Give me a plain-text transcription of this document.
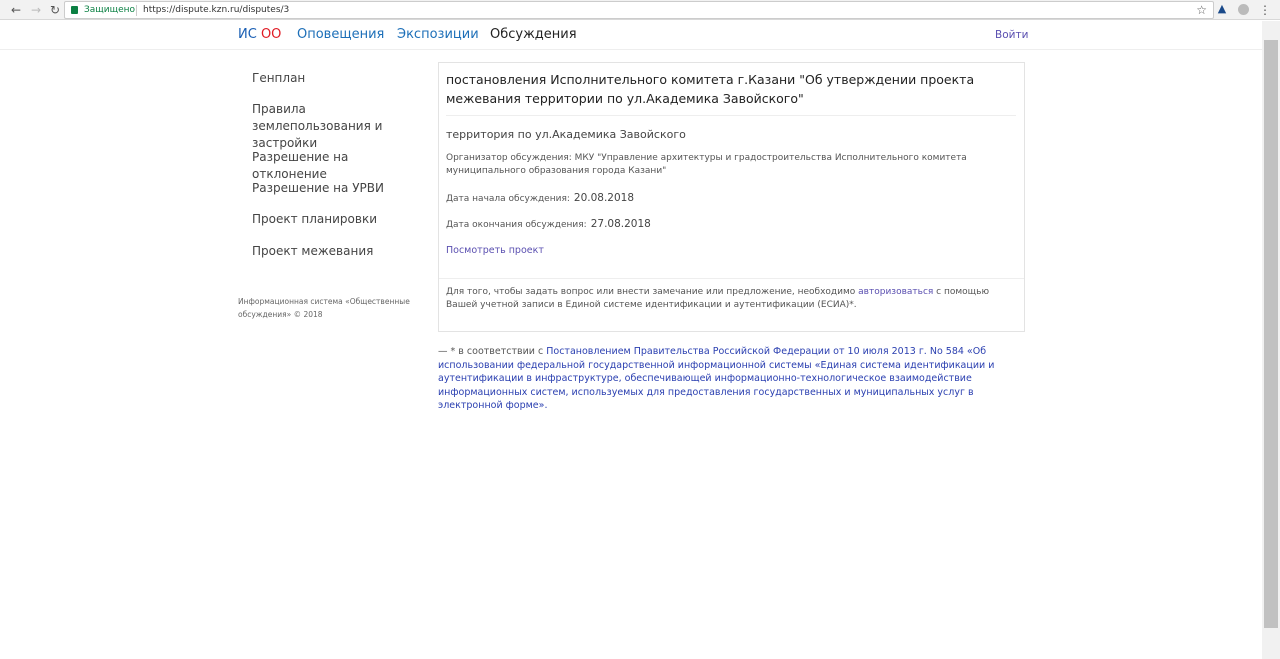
← → ↻	Защищено https://dispute.kzn.ru/disputes/3	☆ ▲	⋮
ИС ОО Оповещения Экспозиции Обсуждения	Войти
Генплан
Правила землепользования и застройки
Разрешение на отклонение
Разрешение на УРВИ
Проект планировки
Проект межевания
Информационная система «Общественные обсуждения» © 2018
постановления Исполнительного комитета г.Казани "Об утверждении проекта межевания территории по ул.Академика Завойского"
территория по ул.Академика Завойского
Организатор обсуждения: МКУ "Управление архитектуры и градостроительства Исполнительного комитета муниципального образования города Казани"
Дата начала обсуждения: 20.08.2018
Дата окончания обсуждения: 27.08.2018
Посмотреть проект
Для того, чтобы задать вопрос или внести замечание или предложение, необходимо авторизоваться с помощью Вашей учетной записи в Единой системе идентификации и аутентификации (ЕСИА)*.
— * в соответствии с Постановлением Правительства Российской Федерации от 10 июля 2013 г. No 584 «Об использовании федеральной государственной информационной системы «Единая система идентификации и аутентификации в инфраструктуре, обеспечивающей информационно-технологическое взаимодействие информационных систем, используемых для предоставления государственных и муниципальных услуг в электронной форме».
